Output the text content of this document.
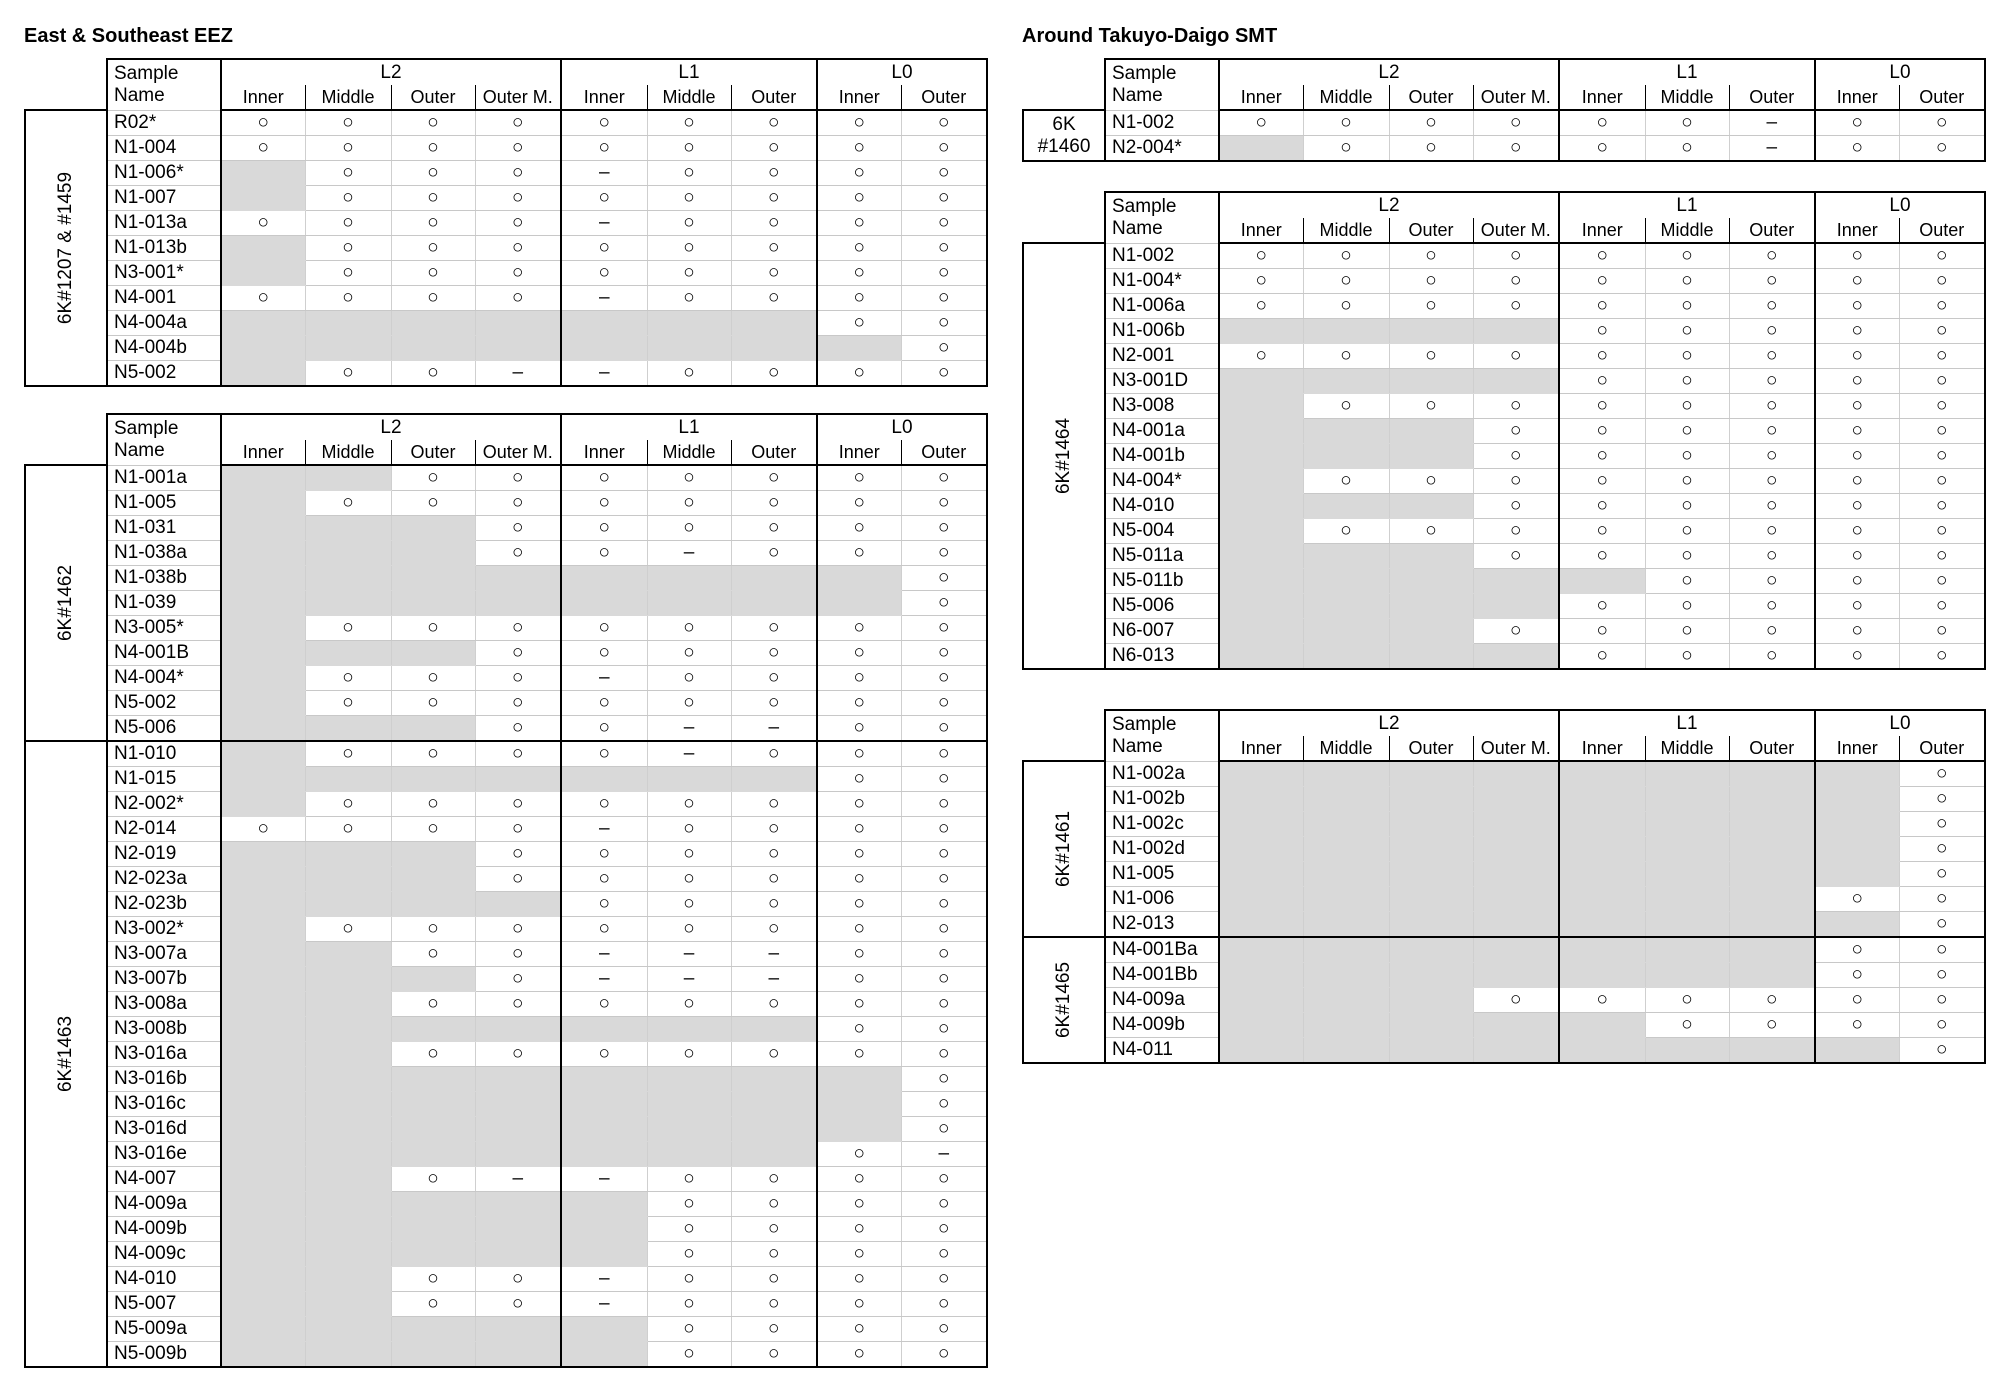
East & Southeast EEZ
	Sample
Name	L2				L1			L0	
		Inner	Middle	Outer	Outer M.	Inner	Middle	Outer	Inner	Outer

6K#1207 & #1459	R02*	○	○	○	○	○	○	○	○	○
	N1-004	○	○	○	○	○	○	○	○	○
	N1-006*		○	○	○	–	○	○	○	○
	N1-007		○	○	○	○	○	○	○	○
	N1-013a	○	○	○	○	–	○	○	○	○
	N1-013b		○	○	○	○	○	○	○	○
	N3-001*		○	○	○	○	○	○	○	○
	N4-001	○	○	○	○	–	○	○	○	○
	N4-004a								○	○
	N4-004b									○
	N5-002		○	○	–	–	○	○	○	○
	Sample
Name	L2				L1			L0	
		Inner	Middle	Outer	Outer M.	Inner	Middle	Outer	Inner	Outer

6K#1462	N1-001a			○	○	○	○	○	○	○
	N1-005		○	○	○	○	○	○	○	○
	N1-031				○	○	○	○	○	○
	N1-038a				○	○	–	○	○	○
	N1-038b									○
	N1-039									○
	N3-005*		○	○	○	○	○	○	○	○
	N4-001B				○	○	○	○	○	○
	N4-004*		○	○	○	–	○	○	○	○
	N5-002		○	○	○	○	○	○	○	○
	N5-006				○	○	–	–	○	○

6K#1463	N1-010		○	○	○	○	–	○	○	○
	N1-015								○	○
	N2-002*		○	○	○	○	○	○	○	○
	N2-014	○	○	○	○	–	○	○	○	○
	N2-019				○	○	○	○	○	○
	N2-023a				○	○	○	○	○	○
	N2-023b					○	○	○	○	○
	N3-002*		○	○	○	○	○	○	○	○
	N3-007a			○	○	–	–	–	○	○
	N3-007b				○	–	–	–	○	○
	N3-008a			○	○	○	○	○	○	○
	N3-008b								○	○
	N3-016a			○	○	○	○	○	○	○
	N3-016b									○
	N3-016c									○
	N3-016d									○
	N3-016e								○	–
	N4-007			○	–	–	○	○	○	○
	N4-009a						○	○	○	○
	N4-009b						○	○	○	○
	N4-009c						○	○	○	○
	N4-010			○	○	–	○	○	○	○
	N5-007			○	○	–	○	○	○	○
	N5-009a						○	○	○	○
	N5-009b						○	○	○	○
Around Takuyo-Daigo SMT
	Sample
Name	L2				L1			L0	
		Inner	Middle	Outer	Outer M.	Inner	Middle	Outer	Inner	Outer

6K
#1460	N1-002	○	○	○	○	○	○	–	○	○
	N2-004*		○	○	○	○	○	–	○	○
	Sample
Name	L2				L1			L0	
		Inner	Middle	Outer	Outer M.	Inner	Middle	Outer	Inner	Outer

6K#1464	N1-002	○	○	○	○	○	○	○	○	○
	N1-004*	○	○	○	○	○	○	○	○	○
	N1-006a	○	○	○	○	○	○	○	○	○
	N1-006b					○	○	○	○	○
	N2-001	○	○	○	○	○	○	○	○	○
	N3-001D					○	○	○	○	○
	N3-008		○	○	○	○	○	○	○	○
	N4-001a				○	○	○	○	○	○
	N4-001b				○	○	○	○	○	○
	N4-004*		○	○	○	○	○	○	○	○
	N4-010				○	○	○	○	○	○
	N5-004		○	○	○	○	○	○	○	○
	N5-011a				○	○	○	○	○	○
	N5-011b						○	○	○	○
	N5-006					○	○	○	○	○
	N6-007				○	○	○	○	○	○
	N6-013					○	○	○	○	○
	Sample
Name	L2				L1			L0	
		Inner	Middle	Outer	Outer M.	Inner	Middle	Outer	Inner	Outer

6K#1461	N1-002a									○
	N1-002b									○
	N1-002c									○
	N1-002d									○
	N1-005									○
	N1-006								○	○
	N2-013									○

6K#1465	N4-001Ba								○	○
	N4-001Bb								○	○
	N4-009a				○	○	○	○	○	○
	N4-009b						○	○	○	○
	N4-011									○
